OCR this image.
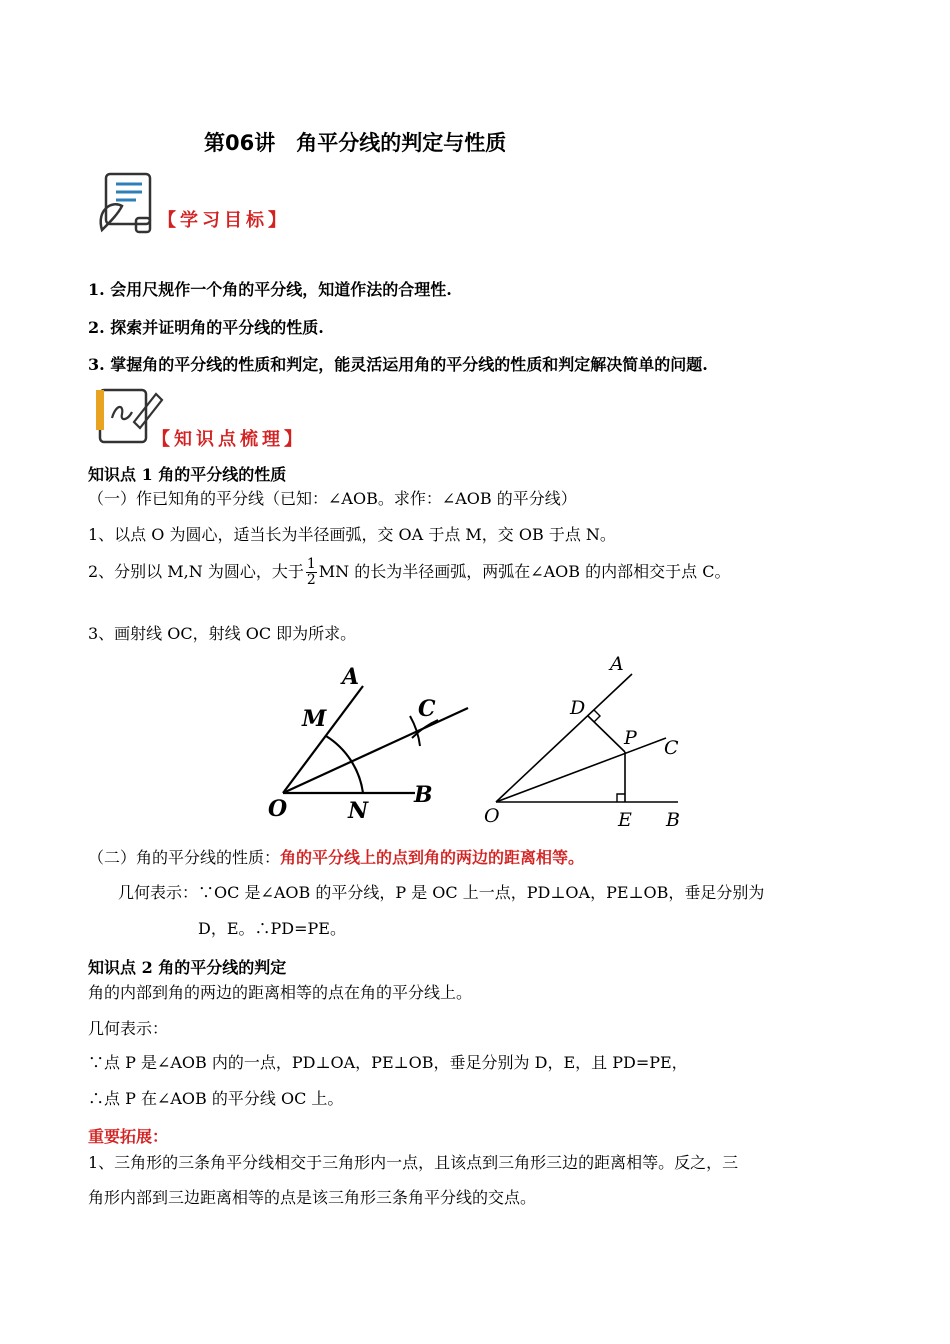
第06讲　角平分线的判定与性质
【学习目标】
1. 会用尺规作一个角的平分线，知道作法的合理性.
2. 探索并证明角的平分线的性质.
3. 掌握角的平分线的性质和判定，能灵活运用角的平分线的性质和判定解决简单的问题.
【知识点梳理】
知识点 1 角的平分线的性质
（一）作已知角的平分线（已知：∠AOB。求作：∠AOB 的平分线）
1、以点 O 为圆心，适当长为半径画弧，交 OA 于点 M，交 OB 于点 N。
2、分别以 M,N 为圆心，大于 $\frac{1}{2}$ MN 的长为半径画弧，两弧在∠AOB 的内部相交于点 C。
3、画射线 OC，射线 OC 即为所求。
A
M	C
O	N
B
A
D
P C
O	E B
（二）角的平分线的性质：角的平分线上的点到角的两边的距离相等。
几何表示：∵OC 是∠AOB 的平分线，P 是 OC 上一点，PD⊥OA，PE⊥OB，垂足分别为
D，E。∴PD=PE。
知识点 2 角的平分线的判定
角的内部到角的两边的距离相等的点在角的平分线上。
几何表示：
∵点 P 是∠AOB 内的一点，PD⊥OA，PE⊥OB，垂足分别为 D，E，且 PD=PE，
∴点 P 在∠AOB 的平分线 OC 上。
重要拓展：
1、三角形的三条角平分线相交于三角形内一点，且该点到三角形三边的距离相等。反之，三
角形内部到三边距离相等的点是该三角形三条角平分线的交点。
